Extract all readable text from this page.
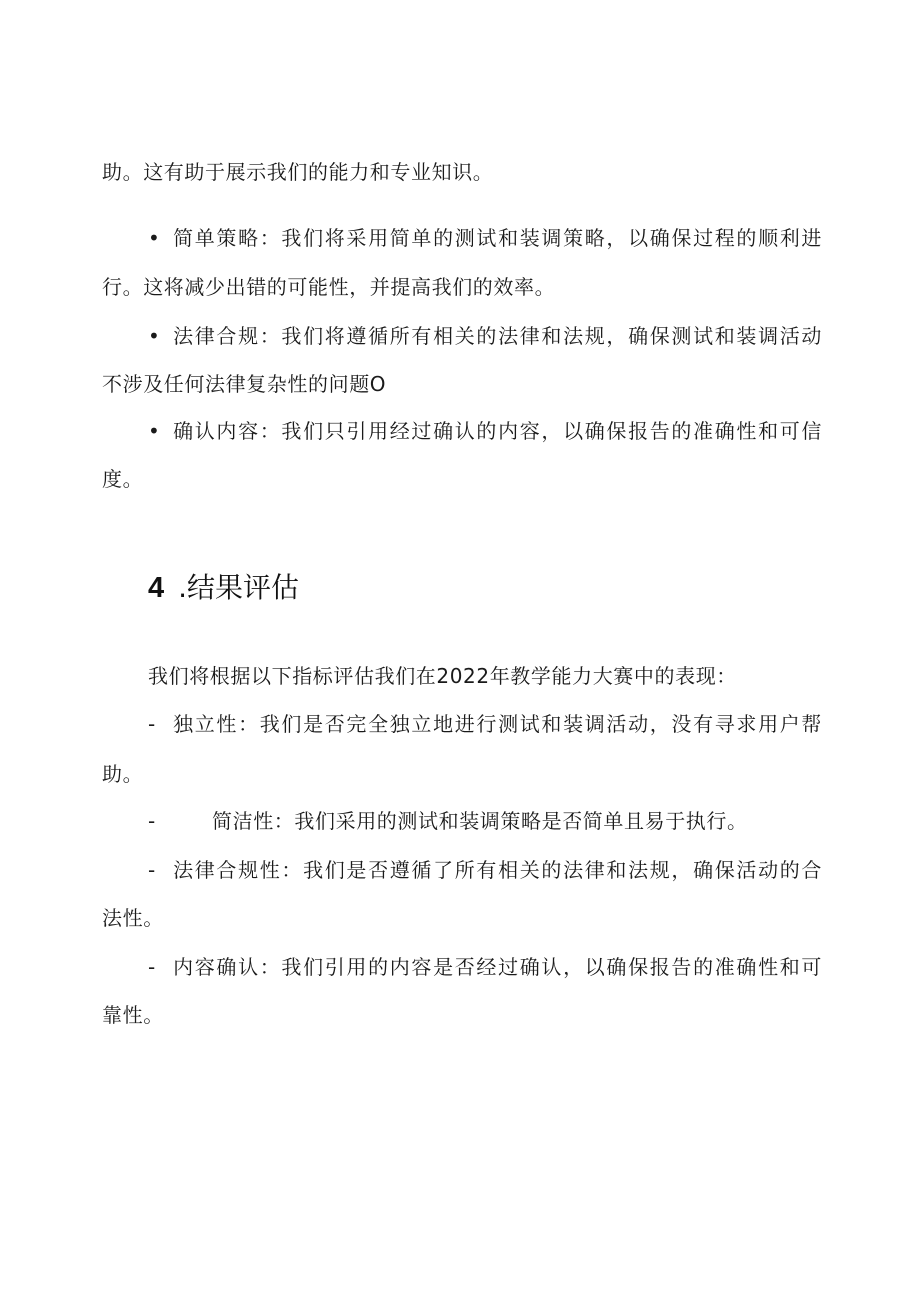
助。这有助于展示我们的能力和专业知识。
• 简单策略：我们将采用简单的测试和装调策略，以确保过程的顺利进
行。这将减少出错的可能性，并提高我们的效率。
• 法律合规：我们将遵循所有相关的法律和法规，确保测试和装调活动
不涉及任何法律复杂性的问题O
• 确认内容：我们只引用经过确认的内容，以确保报告的准确性和可信
度。
4 .结果评估
我们将根据以下指标评估我们在2022年教学能力大赛中的表现：
- 独立性：我们是否完全独立地进行测试和装调活动，没有寻求用户帮
助。
-	简洁性：我们采用的测试和装调策略是否简单且易于执行。
- 法律合规性：我们是否遵循了所有相关的法律和法规，确保活动的合
法性。
- 内容确认：我们引用的内容是否经过确认，以确保报告的准确性和可
靠性。
